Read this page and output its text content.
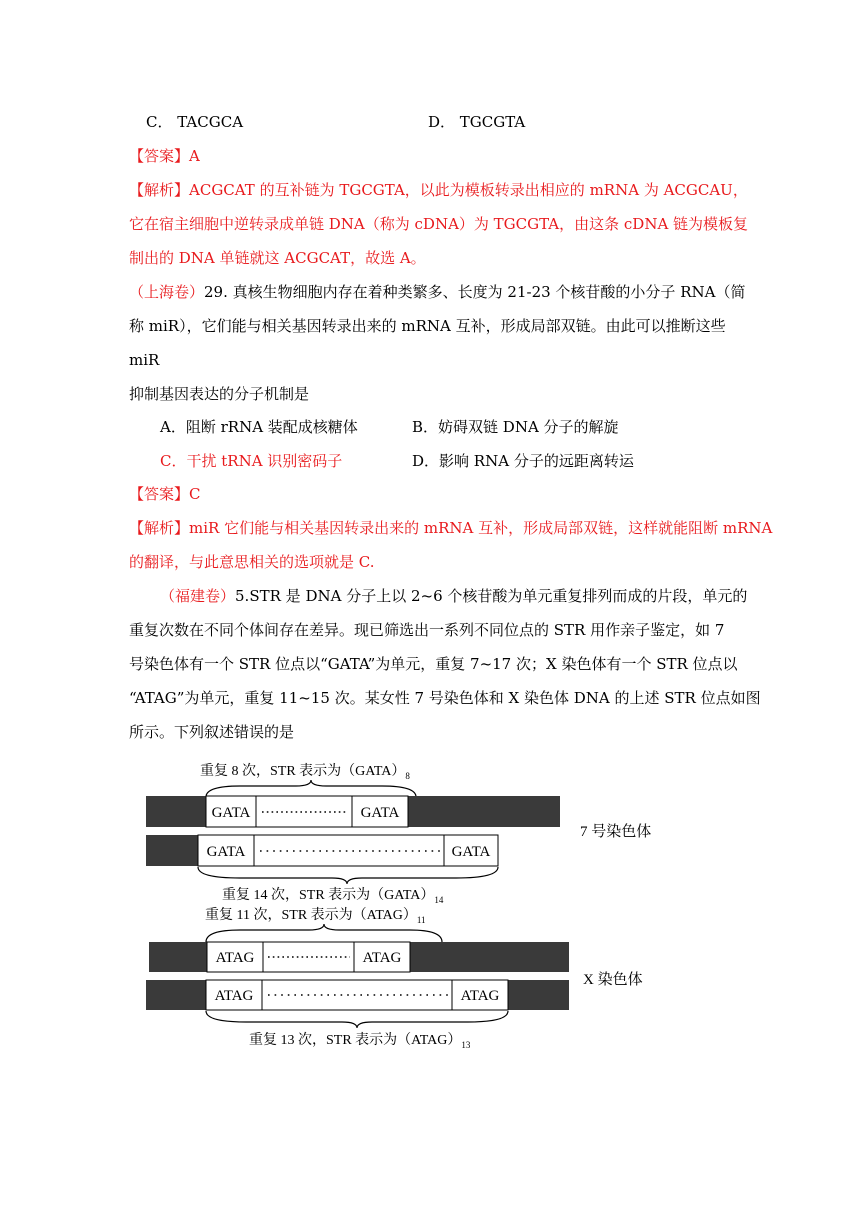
C． TACGCA	D． TGCGTA
【答案】A
【解析】ACGCAT 的互补链为 TGCGTA，以此为模板转录出相应的 mRNA 为 ACGCAU，
它在宿主细胞中逆转录成单链 DNA（称为 cDNA）为 TGCGTA，由这条 cDNA 链为模板复
制出的 DNA 单链就这 ACGCAT，故选 A。
（上海卷）29. 真核生物细胞内存在着种类繁多、长度为 21-23 个核苷酸的小分子 RNA（简
称 miR），它们能与相关基因转录出来的 mRNA 互补，形成局部双链。由此可以推断这些
miR
抑制基因表达的分子机制是
A．阻断 rRNA 装配成核糖体	B．妨碍双链 DNA 分子的解旋
C．干扰 tRNA 识别密码子	D．影响 RNA 分子的远距离转运
【答案】C
【解析】miR 它们能与相关基因转录出来的 mRNA 互补，形成局部双链，这样就能阻断 mRNA
的翻译，与此意思相关的选项就是 C.
（福建卷）5.STR 是 DNA 分子上以 2~6 个核苷酸为单元重复排列而成的片段，单元的
重复次数在不同个体间存在差异。现已筛选出一系列不同位点的 STR 用作亲子鉴定，如 7
号染色体有一个 STR 位点以“GATA”为单元，重复 7~17 次；X 染色体有一个 STR 位点以
“ATAG”为单元，重复 11~15 次。某女性 7 号染色体和 X 染色体 DNA 的上述 STR 位点如图
所示。下列叙述错误的是
重复 8 次，STR 表示为$(GATA)_8$
GATA	GATA
GATA	GATA
重复 14 次，STR 表示为$(GATA)_{14}$
7 号染色体
重复 11 次，STR 表示为$(ATAG)_{11}$
ATAG	ATAG
ATAG	ATAG
重复 13 次，STR 表示为$(ATAG)_{13}$
X 染色体
